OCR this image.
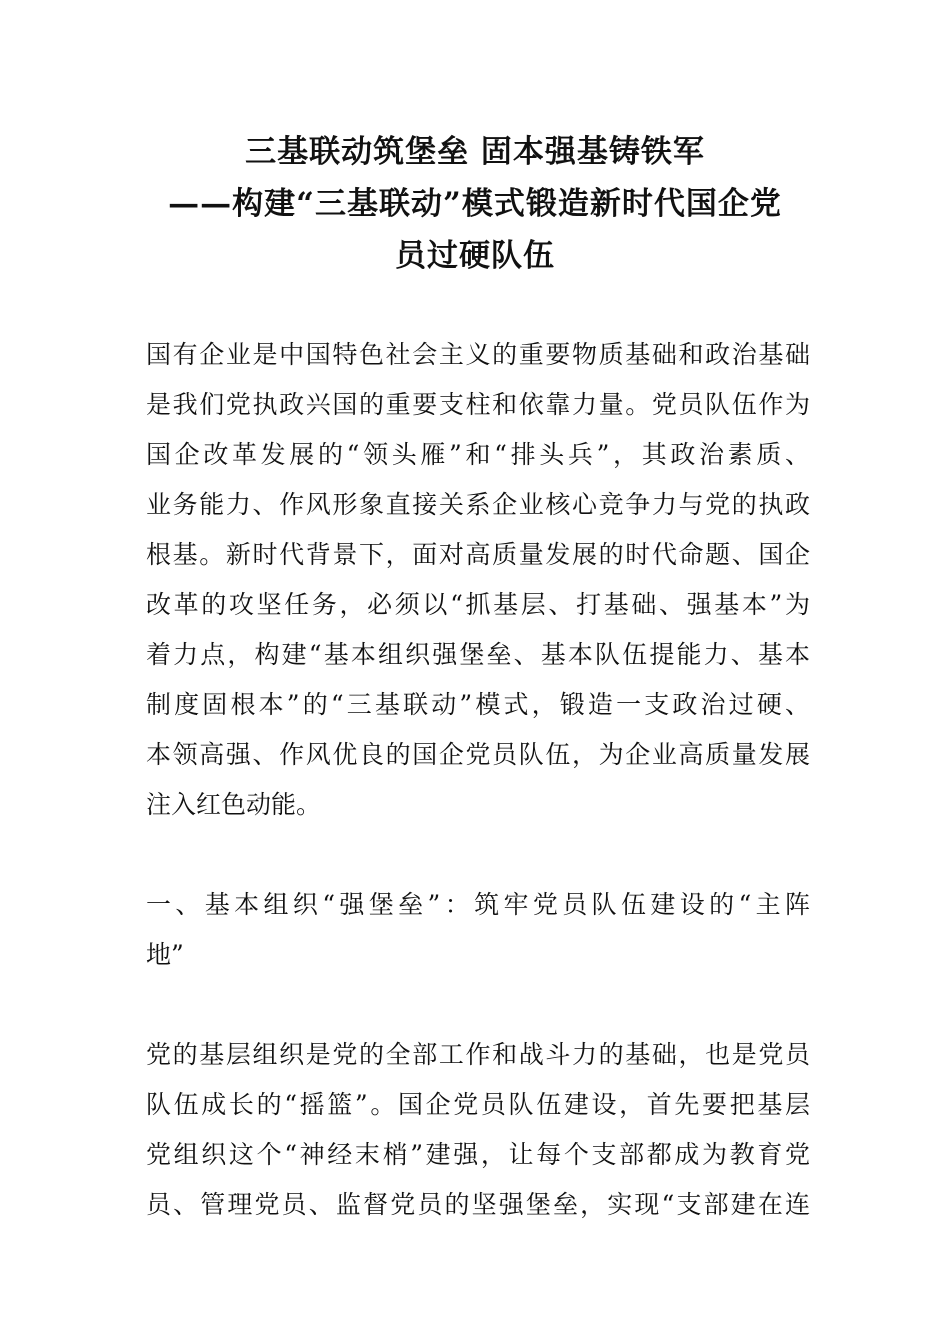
三基联动筑堡垒 固本强基铸铁军
——构建“三基联动”模式锻造新时代国企党
员过硬队伍
国有企业是中国特色社会主义的重要物质基础和政治基础
是我们党执政兴国的重要支柱和依靠力量。党员队伍作为
国企改革发展的“领头雁”和“排头兵”，其政治素质、
业务能力、作风形象直接关系企业核心竞争力与党的执政
根基。新时代背景下，面对高质量发展的时代命题、国企
改革的攻坚任务，必须以“抓基层、打基础、强基本”为
着力点，构建“基本组织强堡垒、基本队伍提能力、基本
制度固根本”的“三基联动”模式，锻造一支政治过硬、
本领高强、作风优良的国企党员队伍，为企业高质量发展
注入红色动能。
一、基本组织“强堡垒”：筑牢党员队伍建设的“主阵
地”
党的基层组织是党的全部工作和战斗力的基础，也是党员
队伍成长的“摇篮”。国企党员队伍建设，首先要把基层
党组织这个“神经末梢”建强，让每个支部都成为教育党
员、管理党员、监督党员的坚强堡垒，实现“支部建在连
